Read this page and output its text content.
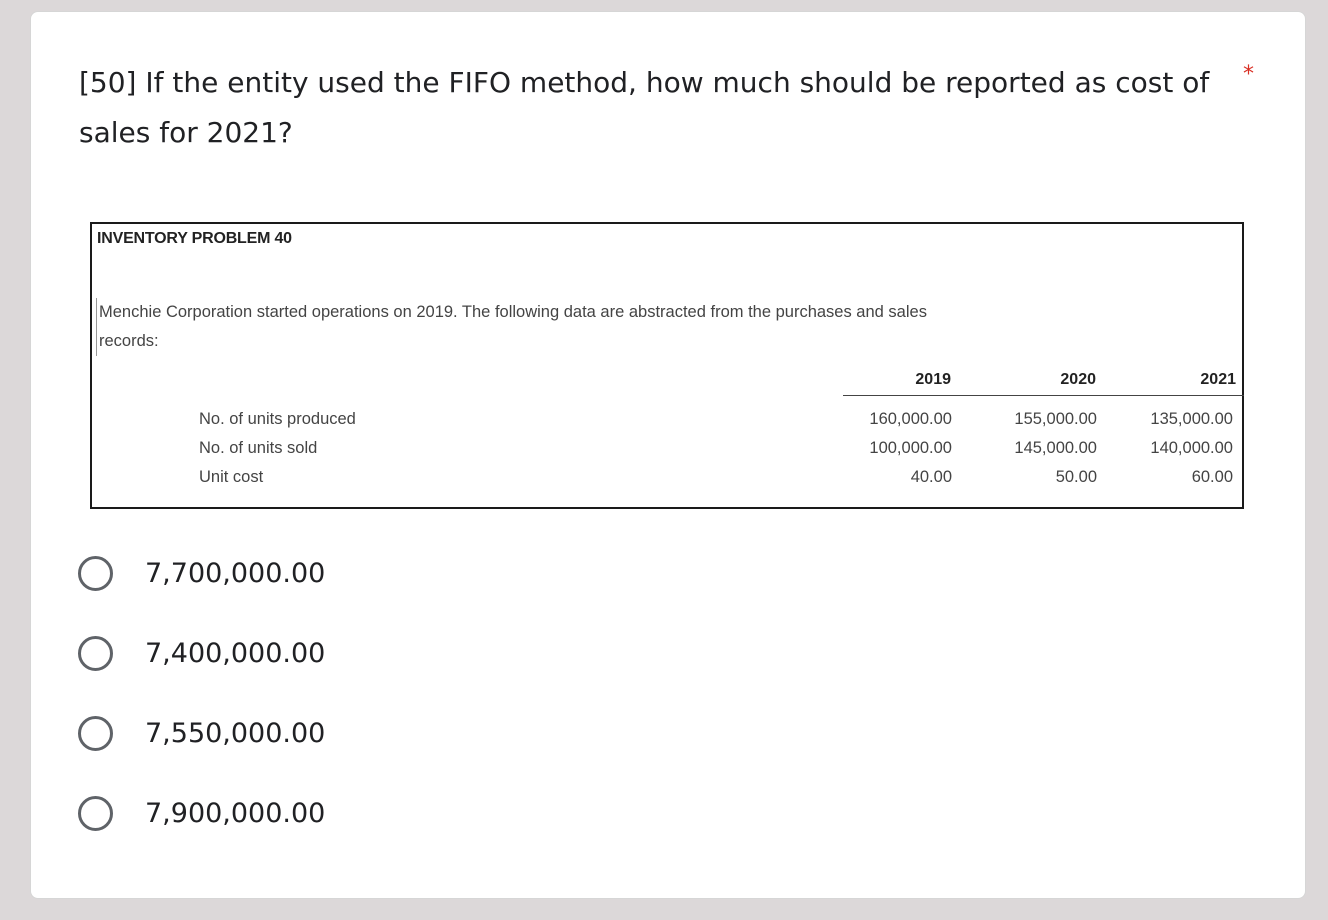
[50] If the entity used the FIFO method, how much should be reported as cost of sales for 2021?

*
INVENTORY PROBLEM 40
Menchie Corporation started operations on 2019. The following data are abstracted from the purchases and sales records:
2019	2020	2021
No. of units produced	160,000.00	155,000.00	135,000.00
No. of units sold	100,000.00	145,000.00	140,000.00
Unit cost	40.00	50.00	60.00
7,700,000.00
7,400,000.00
7,550,000.00
7,900,000.00
